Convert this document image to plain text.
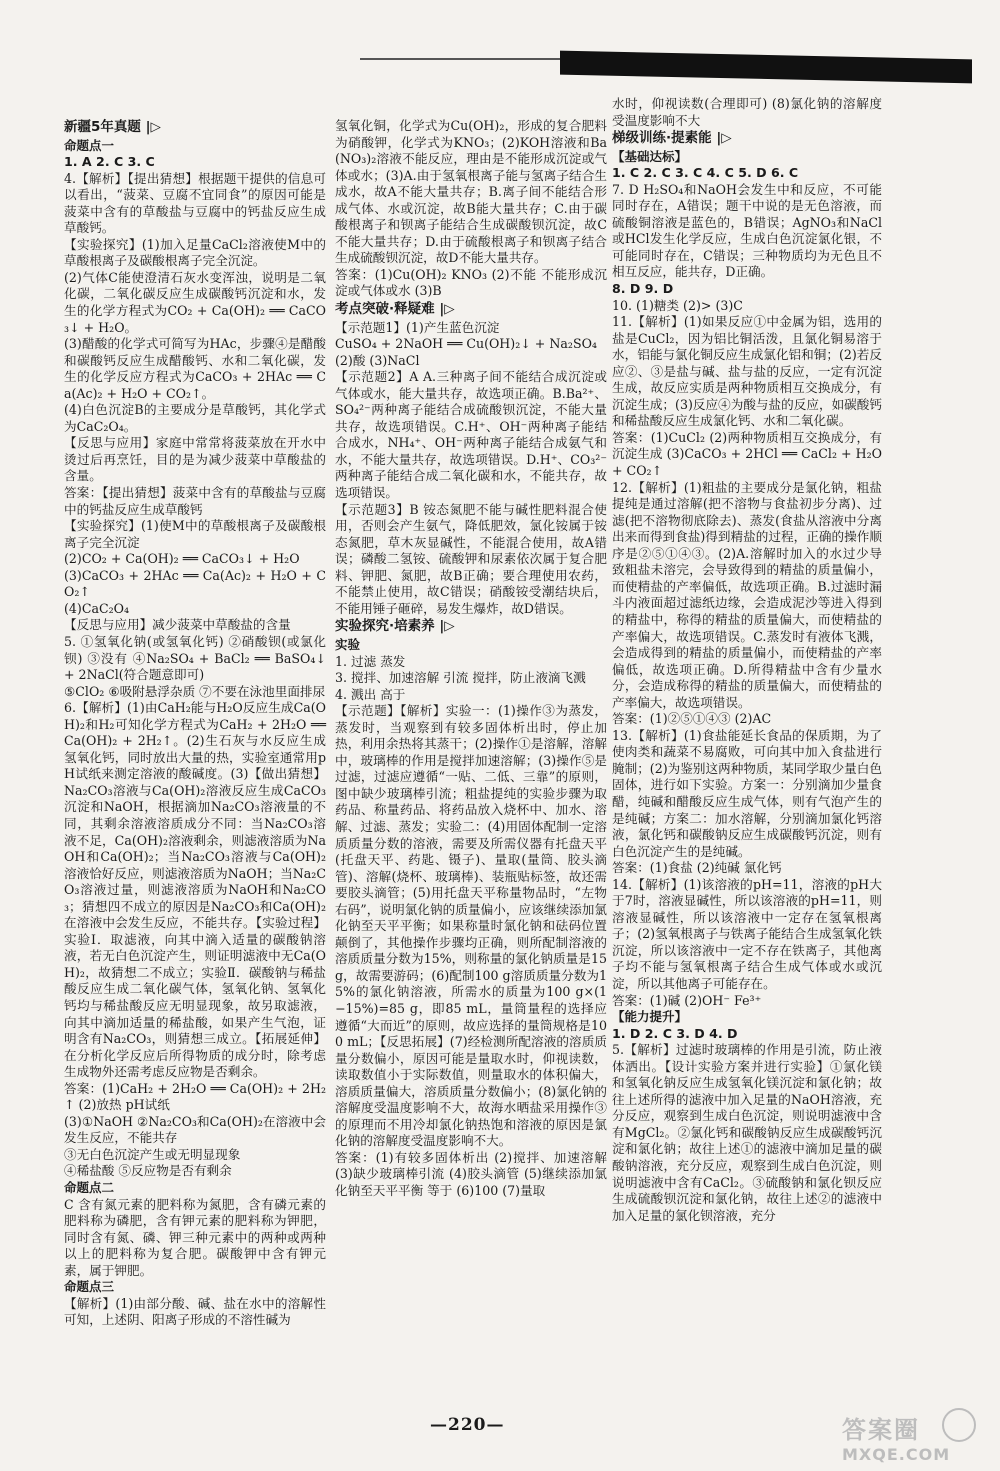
新疆5年真题 |▷
命题点一
1. A 2. C 3. C
4.【解析】【提出猜想】根据题干提供的信息可以看出，“菠菜、豆腐不宜同食”的原因可能是菠菜中含有的草酸盐与豆腐中的钙盐反应生成草酸钙。
【实验探究】(1)加入足量CaCl₂溶液使M中的草酸根离子及碳酸根离子完全沉淀。
(2)气体C能使澄清石灰水变浑浊，说明是二氧化碳，二氧化碳反应生成碳酸钙沉淀和水，发生的化学方程式为CO₂ + Ca(OH)₂ ══ CaCO₃↓ + H₂O。
(3)醋酸的化学式可简写为HAc，步骤④是醋酸和碳酸钙反应生成醋酸钙、水和二氧化碳，发生的化学反应方程式为CaCO₃ + 2HAc ══ Ca(Ac)₂ + H₂O + CO₂↑。
(4)白色沉淀B的主要成分是草酸钙，其化学式为CaC₂O₄。
【反思与应用】家庭中常常将菠菜放在开水中烫过后再烹饪，目的是为减少菠菜中草酸盐的含量。
答案：【提出猜想】菠菜中含有的草酸盐与豆腐中的钙盐反应生成草酸钙
【实验探究】(1)使M中的草酸根离子及碳酸根离子完全沉淀
(2)CO₂ + Ca(OH)₂ ══ CaCO₃↓ + H₂O
(3)CaCO₃ + 2HAc ══ Ca(Ac)₂ + H₂O + CO₂↑
(4)CaC₂O₄
【反思与应用】减少菠菜中草酸盐的含量
5. ①氢氧化钠(或氢氧化钙) ②硝酸钡(或氯化钡) ③没有 ④Na₂SO₄ + BaCl₂ ══ BaSO₄↓ + 2NaCl(符合题意即可)
⑤ClO₂ ⑥吸附悬浮杂质 ⑦不要在泳池里面排尿
6.【解析】(1)由CaH₂能与H₂O反应生成Ca(OH)₂和H₂可知化学方程式为CaH₂ + 2H₂O ══ Ca(OH)₂ + 2H₂↑。(2)生石灰与水反应生成氢氧化钙，同时放出大量的热，实验室通常用pH试纸来测定溶液的酸碱度。(3)【做出猜想】Na₂CO₃溶液与Ca(OH)₂溶液反应生成CaCO₃沉淀和NaOH，根据滴加Na₂CO₃溶液量的不同，其剩余溶液溶质成分不同：当Na₂CO₃溶液不足，Ca(OH)₂溶液剩余，则滤液溶质为NaOH和Ca(OH)₂；当Na₂CO₃溶液与Ca(OH)₂溶液恰好反应，则滤液溶质为NaOH；当Na₂CO₃溶液过量，则滤液溶质为NaOH和Na₂CO₃；猜想四不成立的原因是Na₂CO₃和Ca(OH)₂在溶液中会发生反应，不能共存。【实验过程】实验Ⅰ．取滤液，向其中滴入适量的碳酸钠溶液，若无白色沉淀产生，则证明滤液中无Ca(OH)₂，故猜想二不成立；实验Ⅱ．碳酸钠与稀盐酸反应生成二氧化碳气体，氢氧化钠、氢氧化钙均与稀盐酸反应无明显现象，故另取滤液，向其中滴加适量的稀盐酸，如果产生气泡，证明含有Na₂CO₃，则猜想三成立。【拓展延伸】在分析化学反应后所得物质的成分时，除考虑生成物外还需考虑反应物是否剩余。
答案：(1)CaH₂ + 2H₂O ══ Ca(OH)₂ + 2H₂↑ (2)放热 pH试纸
(3)①NaOH ②Na₂CO₃和Ca(OH)₂在溶液中会发生反应，不能共存
③无白色沉淀产生或无明显现象
④稀盐酸 ⑤反应物是否有剩余
命题点二
C 含有氮元素的肥料称为氮肥，含有磷元素的肥料称为磷肥，含有钾元素的肥料称为钾肥，同时含有氮、磷、钾三种元素中的两种或两种以上的肥料称为复合肥。碳酸钾中含有钾元素，属于钾肥。
命题点三
【解析】(1)由部分酸、碱、盐在水中的溶解性可知，上述阴、阳离子形成的不溶性碱为
氢氧化铜，化学式为Cu(OH)₂，形成的复合肥料为硝酸钾，化学式为KNO₃；(2)KOH溶液和Ba(NO₃)₂溶液不能反应，理由是不能形成沉淀或气体或水；(3)A.由于氢氧根离子能与氢离子结合生成水，故A不能大量共存；B.离子间不能结合形成气体、水或沉淀，故B能大量共存；C.由于碳酸根离子和钡离子能结合生成碳酸钡沉淀，故C不能大量共存；D.由于硫酸根离子和钡离子结合生成硫酸钡沉淀，故D不能大量共存。
答案：(1)Cu(OH)₂ KNO₃ (2)不能 不能形成沉淀或气体或水 (3)B
考点突破·释疑难 |▷
【示范题1】(1)产生蓝色沉淀
CuSO₄ + 2NaOH ══ Cu(OH)₂↓ + Na₂SO₄
(2)酸 (3)NaCl
【示范题2】A A.三种离子间不能结合成沉淀或气体或水，能大量共存，故选项正确。B.Ba²⁺、SO₄²⁻两种离子能结合成硫酸钡沉淀，不能大量共存，故选项错误。C.H⁺、OH⁻两种离子能结合成水，NH₄⁺、OH⁻两种离子能结合成氨气和水，不能大量共存，故选项错误。D.H⁺、CO₃²⁻两种离子能结合成二氧化碳和水，不能共存，故选项错误。
【示范题3】B 铵态氮肥不能与碱性肥料混合使用，否则会产生氨气，降低肥效，氯化铵属于铵态氮肥，草木灰显碱性，不能混合使用，故A错误；磷酸二氢铵、硫酸钾和尿素依次属于复合肥料、钾肥、氮肥，故B正确；要合理使用农药，不能禁止使用，故C错误；硝酸铵受潮结块后，不能用锤子砸碎，易发生爆炸，故D错误。
实验探究·培素养 |▷
实验
1. 过滤 蒸发
3. 搅拌、加速溶解 引流 搅拌，防止液滴飞溅
4. 溅出 高于
【示范题】【解析】实验一：(1)操作③为蒸发，蒸发时，当观察到有较多固体析出时，停止加热，利用余热将其蒸干；(2)操作①是溶解，溶解中，玻璃棒的作用是搅拌加速溶解；(3)操作⑤是过滤，过滤应遵循“一贴、二低、三靠”的原则，图中缺少玻璃棒引流；粗盐提纯的实验步骤为取药品、称量药品、将药品放入烧杯中、加水、溶解、过滤、蒸发；实验二：(4)用固体配制一定溶质质量分数的溶液，需要及所需仪器有托盘天平(托盘天平、药匙、镊子)、量取(量筒、胶头滴管)、溶解(烧杯、玻璃棒)、装瓶贴标签，故还需要胶头滴管；(5)用托盘天平称量物品时，“左物右码”，说明氯化钠的质量偏小，应该继续添加氯化钠至天平平衡；如果称量时氯化钠和砝码位置颠倒了，其他操作步骤均正确，则所配制溶液的溶质质量分数为15%，则称量的氯化钠质量是15 g，故需要游码；(6)配制100 g溶质质量分数为15%的氯化钠溶液，所需水的质量为100 g×(1−15%)=85 g，即85 mL，量筒量程的选择应遵循“大而近”的原则，故应选择的量筒规格是100 mL；【反思拓展】(7)经检测所配溶液的溶质质量分数偏小，原因可能是量取水时，仰视读数，读取数值小于实际数值，则量取水的体积偏大，溶质质量偏大，溶质质量分数偏小；(8)氯化钠的溶解度受温度影响不大，故海水晒盐采用操作③的原理而不用冷却氯化钠热饱和溶液的原因是氯化钠的溶解度受温度影响不大。
答案：(1)有较多固体析出 (2)搅拌、加速溶解 (3)缺少玻璃棒引流 (4)胶头滴管 (5)继续添加氯化钠至天平平衡 等于 (6)100 (7)量取
水时，仰视读数(合理即可) (8)氯化钠的溶解度受温度影响不大
梯级训练·提素能 |▷
【基础达标】
1. C 2. C 3. C 4. C 5. D 6. C
7. D H₂SO₄和NaOH会发生中和反应，不可能同时存在，A错误；题干中说的是无色溶液，而硫酸铜溶液是蓝色的，B错误；AgNO₃和NaCl或HCl发生化学反应，生成白色沉淀氯化银，不可能同时存在，C错误；三种物质均为无色且不相互反应，能共存，D正确。
8. D 9. D
10. (1)糖类 (2)> (3)C
11.【解析】(1)如果反应①中金属为铝，选用的盐是CuCl₂，因为铝比铜活泼，且氯化铜易溶于水，铝能与氯化铜反应生成氯化铝和铜；(2)若反应②、③是盐与碱、盐与盐的反应，一定有沉淀生成，故反应实质是两种物质相互交换成分，有沉淀生成；(3)反应④为酸与盐的反应，如碳酸钙和稀盐酸反应生成氯化钙、水和二氧化碳。
答案：(1)CuCl₂ (2)两种物质相互交换成分，有沉淀生成 (3)CaCO₃ + 2HCl ══ CaCl₂ + H₂O + CO₂↑
12.【解析】(1)粗盐的主要成分是氯化钠，粗盐提纯是通过溶解(把不溶物与食盐初步分离)、过滤(把不溶物彻底除去)、蒸发(食盐从溶液中分离出来而得到食盐)得到精盐的过程，正确的操作顺序是②⑤①④③。(2)A.溶解时加入的水过少导致粗盐未溶完，会导致得到的精盐的质量偏小，而使精盐的产率偏低，故选项正确。B.过滤时漏斗内液面超过滤纸边缘，会造成泥沙等进入得到的精盐中，称得的精盐的质量偏大，而使精盐的产率偏大，故选项错误。C.蒸发时有液体飞溅，会造成得到的精盐的质量偏小，而使精盐的产率偏低，故选项正确。D.所得精盐中含有少量水分，会造成称得的精盐的质量偏大，而使精盐的产率偏大，故选项错误。
答案：(1)②⑤①④③ (2)AC
13.【解析】(1)食盐能延长食品的保质期，为了使肉类和蔬菜不易腐败，可向其中加入食盐进行腌制；(2)为鉴别这两种物质，某同学取少量白色固体，进行如下实验。方案一：分别滴加少量食醋，纯碱和醋酸反应生成气体，则有气泡产生的是纯碱；方案二：加水溶解，分别滴加氯化钙溶液，氯化钙和碳酸钠反应生成碳酸钙沉淀，则有白色沉淀产生的是纯碱。
答案：(1)食盐 (2)纯碱 氯化钙
14.【解析】(1)该溶液的pH=11，溶液的pH大于7时，溶液显碱性，所以该溶液的pH=11，则溶液显碱性，所以该溶液中一定存在氢氧根离子；(2)氢氧根离子与铁离子能结合生成氢氧化铁沉淀，所以该溶液中一定不存在铁离子，其他离子均不能与氢氧根离子结合生成气体或水或沉淀，所以其他离子可能存在。
答案：(1)碱 (2)OH⁻ Fe³⁺
【能力提升】
1. D 2. C 3. D 4. D
5.【解析】过滤时玻璃棒的作用是引流，防止液体洒出。【设计实验方案并进行实验】①氯化镁和氢氧化钠反应生成氢氧化镁沉淀和氯化钠；故往上述所得的滤液中加入足量的NaOH溶液，充分反应，观察到生成白色沉淀，则说明滤液中含有MgCl₂。②氯化钙和碳酸钠反应生成碳酸钙沉淀和氯化钠；故往上述①的滤液中滴加足量的碳酸钠溶液，充分反应，观察到生成白色沉淀，则说明滤液中含有CaCl₂。③硫酸钠和氯化钡反应生成硫酸钡沉淀和氯化钠，故往上述②的滤液中加入足量的氯化钡溶液，充分
—220—	答案圈
MXQE.COM
